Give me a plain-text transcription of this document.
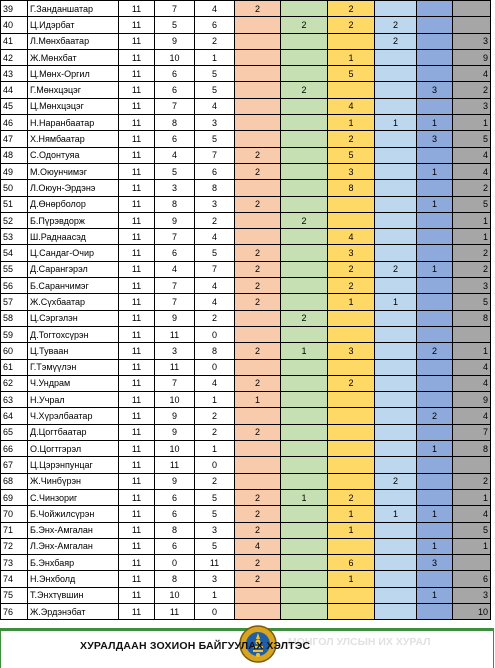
39	Г.Занданшатар	11	7	4	2		2			
40	Ц.Идэрбат	11	5	6		2	2	2		
41	Л.Мөнхбаатар	11	9	2				2		3
42	Ж.Мөнхбат	11	10	1			1			9
43	Ц.Мөнх-Оргил	11	6	5			5			4
44	Г.Мөнхцэцэг	11	6	5		2			3	2
45	Ц.Мөнхцэцэг	11	7	4			4			3
46	Н.Наранбаатар	11	8	3			1	1	1	1
47	Х.Нямбаатар	11	6	5			2		3	5
48	С.Одонтуяа	11	4	7	2		5			4
49	М.Оюунчимэг	11	5	6	2		3		1	4
50	Л.Оюун-Эрдэнэ	11	3	8			8			2
51	Д.Өнөрболор	11	8	3	2				1	5
52	Б.Пүрэвдорж	11	9	2		2				1
53	Ш.Раднаасэд	11	7	4			4			1
54	Ц.Сандаг-Очир	11	6	5	2		3			2
55	Д.Сарангэрэл	11	4	7	2		2	2	1	2
56	Б.Саранчимэг	11	7	4	2		2			3
57	Ж.Сүхбаатар	11	7	4	2		1	1		5
58	Ц.Сэргэлэн	11	9	2		2				8
59	Д.Тогтохсүрэн	11	11	0						
60	Ц.Туваан	11	3	8	2	1	3		2	1
61	Г.Тэмүүлэн	11	11	0						4
62	Ч.Ундрам	11	7	4	2		2			4
63	Н.Учрал	11	10	1	1					9
64	Ч.Хүрэлбаатар	11	9	2					2	4
65	Д.Цогтбаатар	11	9	2	2					7
66	О.Цогтгэрэл	11	10	1					1	8
67	Ц.Цэрэнпунцаг	11	11	0						
68	Ж.Чинбүрэн	11	9	2				2		2
69	С.Чинзориг	11	6	5	2	1	2			1
70	Б.Чойжилсүрэн	11	6	5	2		1	1	1	4
71	Б.Энх-Амгалан	11	8	3	2		1			5
72	Л.Энх-Амгалан	11	6	5	4				1	1
73	Б.Энхбаяр	11	0	11	2		6		3	
74	Н.Энхболд	11	8	3	2		1			6
75	Т.Энхтүвшин	11	10	1					1	3
76	Ж.Эрдэнэбат	11	11	0						10
МОНГОЛ УЛСЫН ИХ ХУРАЛ
ХУРАЛДААН ЗОХИОН БАЙГУУЛАХ ХЭЛТЭС
